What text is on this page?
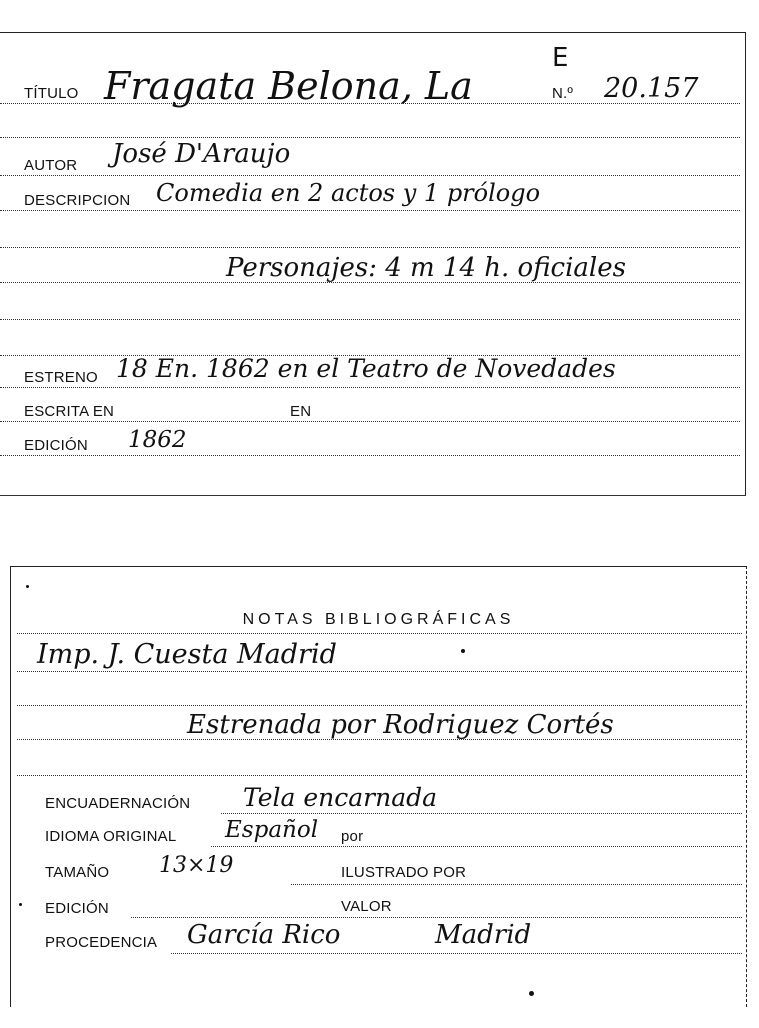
TÍTULO Fragata Belona, La
E
N.º 20.157
AUTOR José D'Araujo
DESCRIPCION Comedia en 2 actos y 1 prólogo
Personajes: 4 m 14 h. oficiales
ESTRENO 18 En. 1862 en el Teatro de Novedades
ESCRITA EN	EN
EDICIÓN 1862
NOTAS BIBLIOGRÁFICAS
Imp. J. Cuesta Madrid
Estrenada por Rodriguez Cortés
ENCUADERNACIÓN Tela encarnada
IDIOMA ORIGINAL Español por
TAMAÑO 13×19	ILUSTRADO POR
EDICIÓN	VALOR
PROCEDENCIA García Rico	Madrid
